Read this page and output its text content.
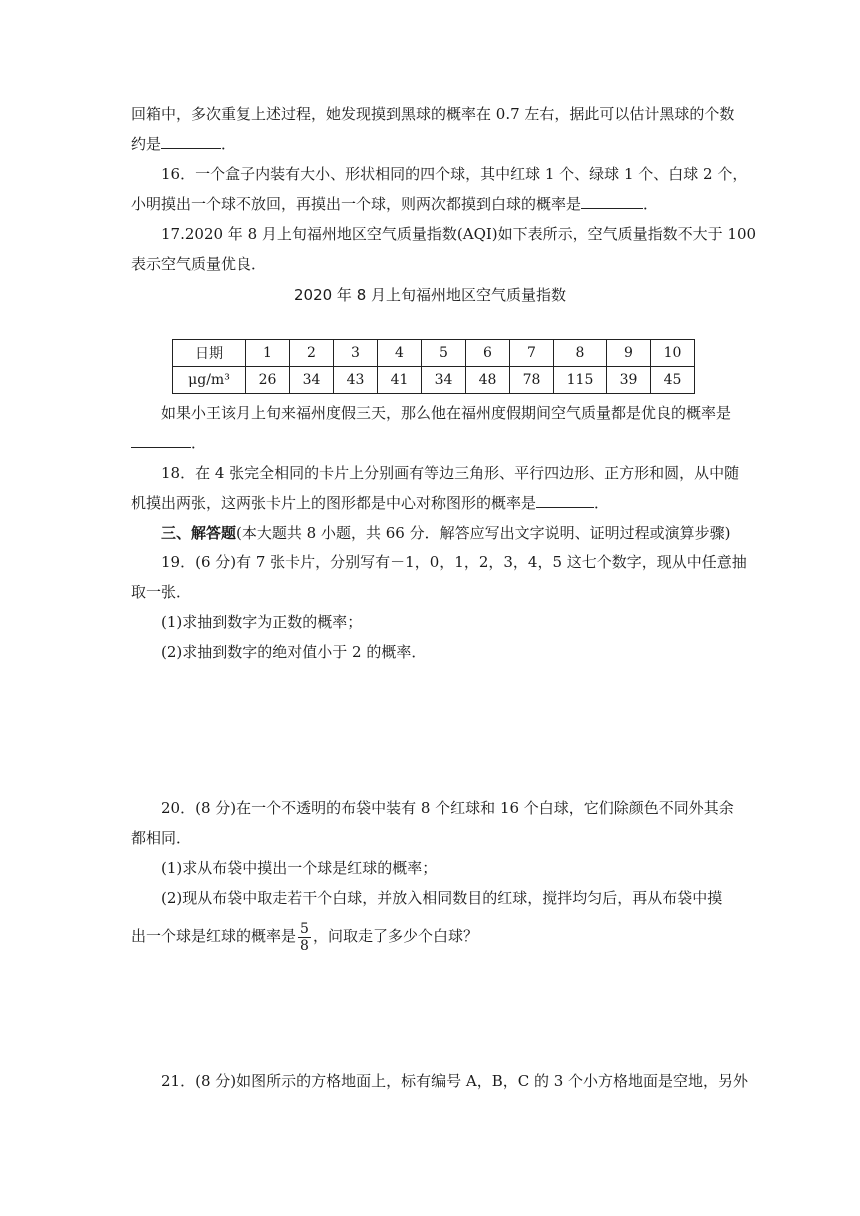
回箱中，多次重复上述过程，她发现摸到黑球的概率在 0.7 左右，据此可以估计黑球的个数
约是	．
16．一个盒子内装有大小、形状相同的四个球，其中红球 1 个、绿球 1 个、白球 2 个，
小明摸出一个球不放回，再摸出一个球，则两次都摸到白球的概率是	．
17.2020 年 8 月上旬福州地区空气质量指数(AQI)如下表所示，空气质量指数不大于 100
表示空气质量优良．
2020 年 8 月上旬福州地区空气质量指数
日期	1	2	3	4	5	6	7	8	9	10
μg/m³	26	34	43	41	34	48	78	115	39	45
如果小王该月上旬来福州度假三天，那么他在福州度假期间空气质量都是优良的概率是
．
18．在 4 张完全相同的卡片上分别画有等边三角形、平行四边形、正方形和圆，从中随
机摸出两张，这两张卡片上的图形都是中心对称图形的概率是	．
三、解答题(本大题共 8 小题，共 66 分．解答应写出文字说明、证明过程或演算步骤)
19．(6 分)有 7 张卡片，分别写有－1，0，1，2，3，4，5 这七个数字，现从中任意抽
取一张．
(1)求抽到数字为正数的概率；
(2)求抽到数字的绝对值小于 2 的概率．
20．(8 分)在一个不透明的布袋中装有 8 个红球和 16 个白球，它们除颜色不同外其余
都相同．
(1)求从布袋中摸出一个球是红球的概率；
(2)现从布袋中取走若干个白球，并放入相同数目的红球，搅拌均匀后，再从布袋中摸
出一个球是红球的概率是 $\frac{5}{8}$ ，问取走了多少个白球？
21．(8 分)如图所示的方格地面上，标有编号 A，B，C 的 3 个小方格地面是空地，另外
